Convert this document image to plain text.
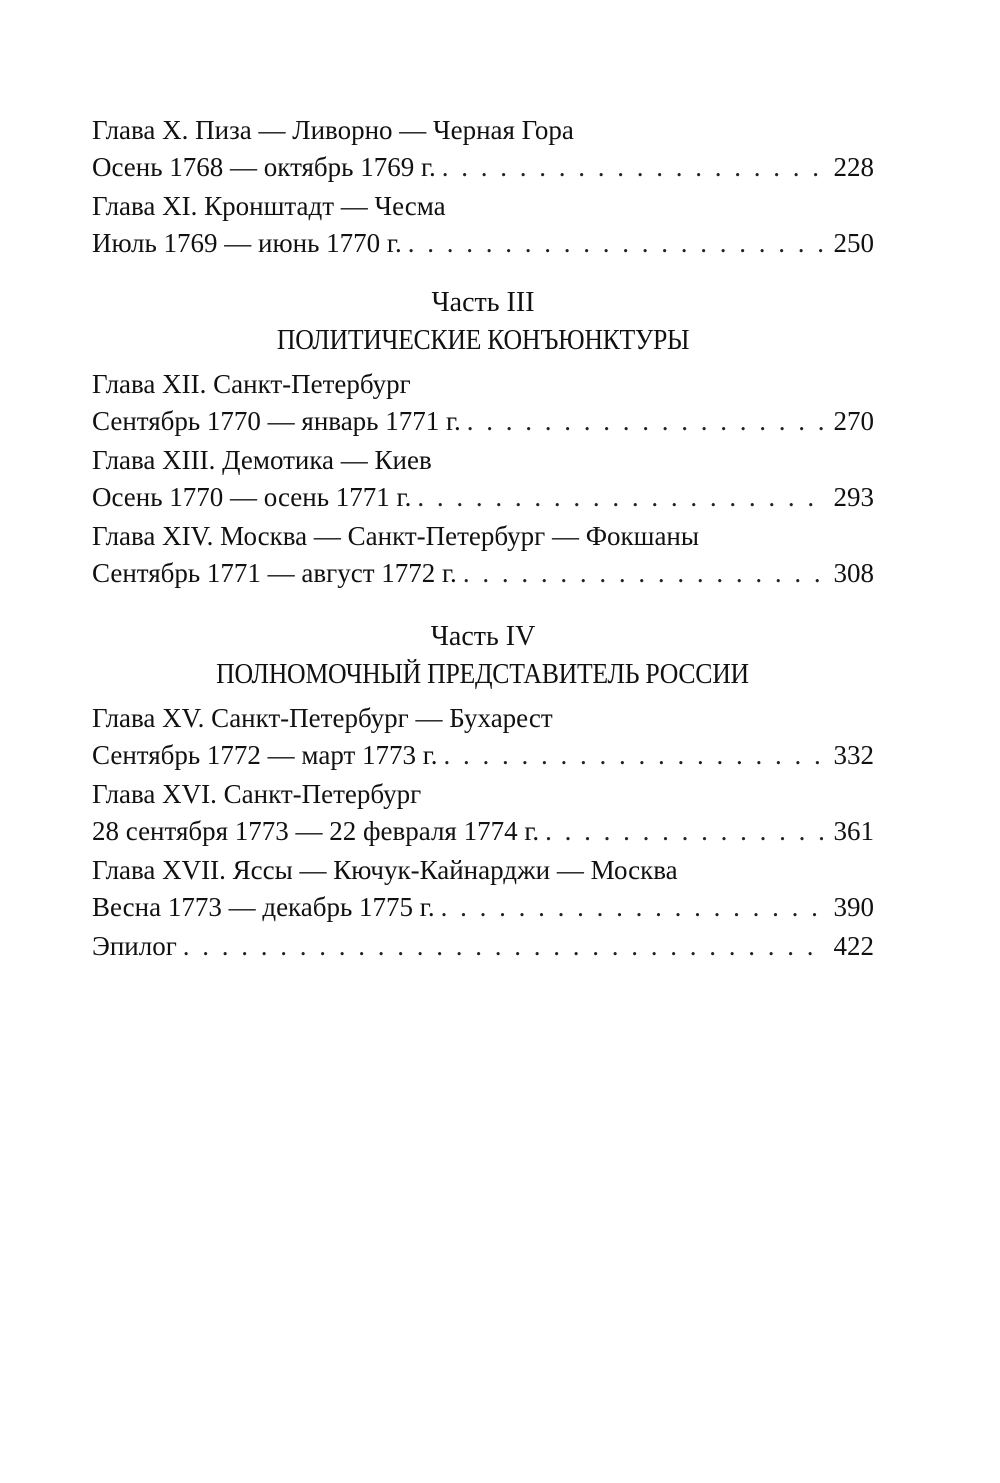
Глава X. Пиза — Ливорно — Черная Гора
Осень 1768 — октябрь 1769 г. . . .	228
Глава XI. Кронштадт — Чесма
Июль 1769 — июнь 1770 г. . . .	250
Часть III
ПОЛИТИЧЕСКИЕ КОНЪЮНКТУРЫ
Глава XII. Санкт-Петербург
Сентябрь 1770 — январь 1771 г. . . .	270
Глава XIII. Демотика — Киев
Осень 1770 — осень 1771 г. . . .	293
Глава XIV. Москва — Санкт-Петербург — Фокшаны
Сентябрь 1771 — август 1772 г. . . .	308
Часть IV
ПОЛНОМОЧНЫЙ ПРЕДСТАВИТЕЛЬ РОССИИ
Глава XV. Санкт-Петербург — Бухарест
Сентябрь 1772 — март 1773 г. . . .	332
Глава XVI. Санкт-Петербург
28 сентября 1773 — 22 февраля 1774 г. . . .	361
Глава XVII. Яссы — Кючук-Кайнарджи — Москва
Весна 1773 — декабрь 1775 г. . . .	390
Эпилог . . .	422
